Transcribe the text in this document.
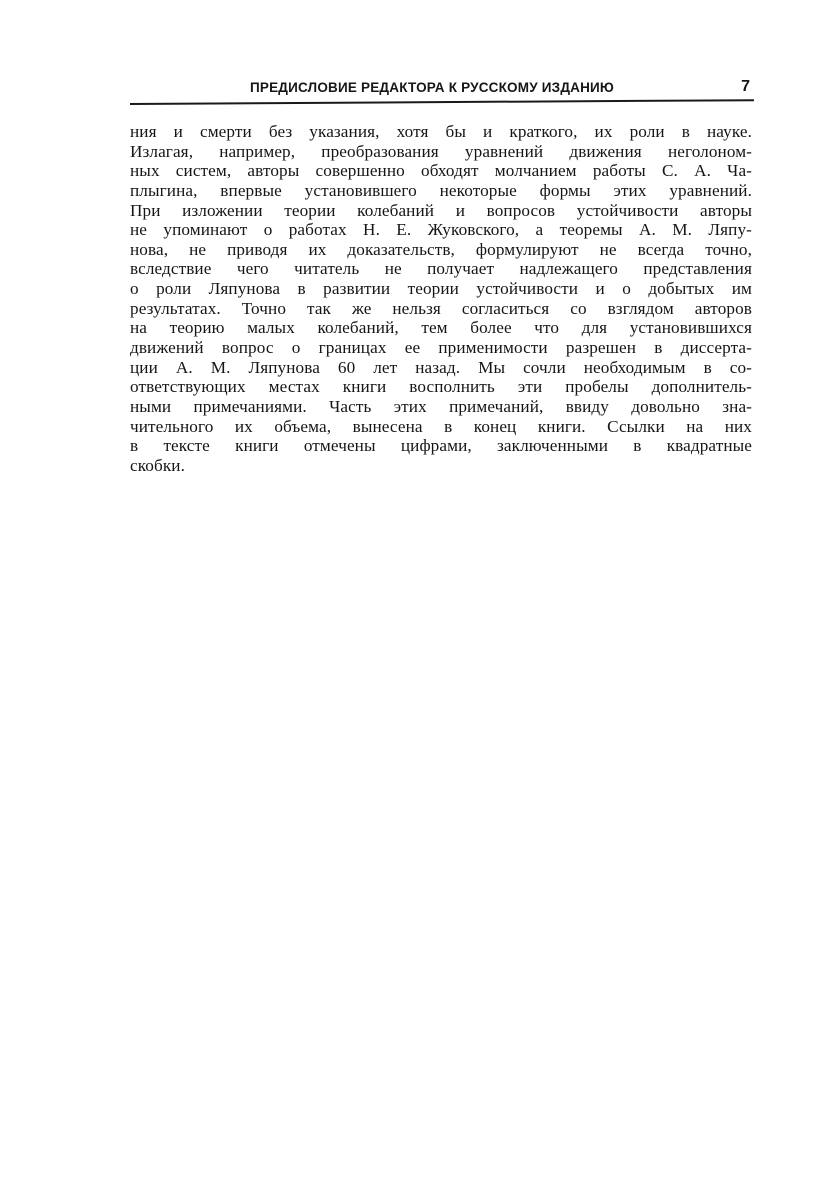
ПРЕДИСЛОВИЕ РЕДАКТОРА К РУССКОМУ ИЗДАНИЮ	7
ния и смерти без указания, хотя бы и краткого, их роли в науке.
Излагая, например, преобразования уравнений движения неголоном-
ных систем, авторы совершенно обходят молчанием работы С. А. Ча-
плыгина, впервые установившего некоторые формы этих уравнений.
При изложении теории колебаний и вопросов устойчивости авторы
не упоминают о работах Н. Е. Жуковского, а теоремы А. М. Ляпу-
нова, не приводя их доказательств, формулируют не всегда точно,
вследствие чего читатель не получает надлежащего представления
о роли Ляпунова в развитии теории устойчивости и о добытых им
результатах. Точно так же нельзя согласиться со взглядом авторов
на теорию малых колебаний, тем более что для установившихся
движений вопрос о границах ее применимости разрешен в диссерта-
ции А. М. Ляпунова 60 лет назад. Мы сочли необходимым в со-
ответствующих местах книги восполнить эти пробелы дополнитель-
ными примечаниями. Часть этих примечаний, ввиду довольно зна-
чительного их объема, вынесена в конец книги. Ссылки на них
в тексте книги отмечены цифрами, заключенными в квадратные
скобки.
